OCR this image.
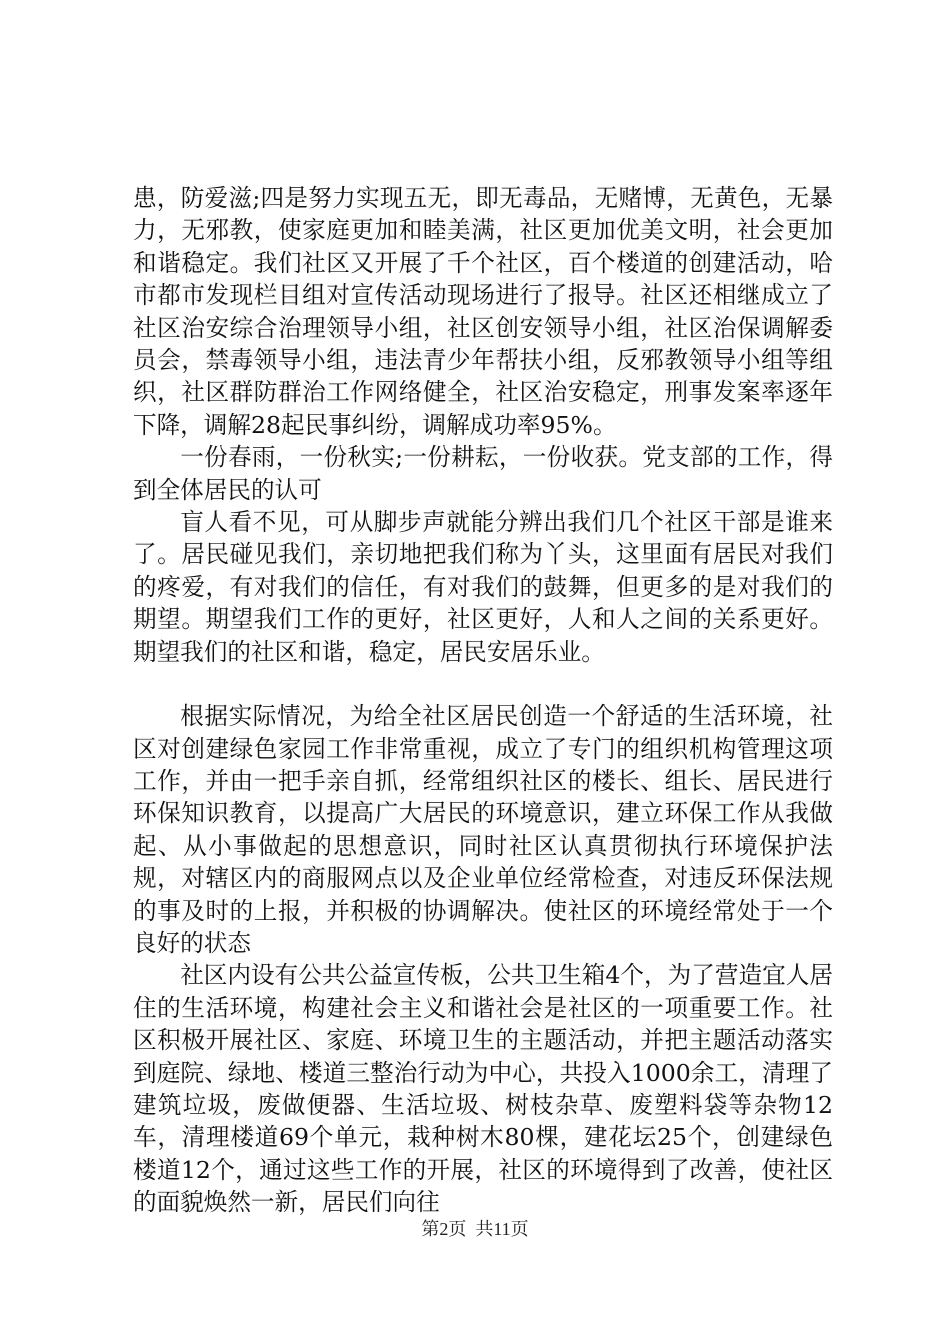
患，防爱滋;四是努力实现五无，即无毒品，无赌博，无黄色，无暴力，无邪教，使家庭更加和睦美满，社区更加优美文明，社会更加和谐稳定。我们社区又开展了千个社区，百个楼道的创建活动，哈市都市发现栏目组对宣传活动现场进行了报导。社区还相继成立了社区治安综合治理领导小组，社区创安领导小组，社区治保调解委员会，禁毒领导小组，违法青少年帮扶小组，反邪教领导小组等组织，社区群防群治工作网络健全，社区治安稳定，刑事发案率逐年下降，调解28起民事纠纷，调解成功率95%。

一份春雨，一份秋实;一份耕耘，一份收获。党支部的工作，得到全体居民的认可

盲人看不见，可从脚步声就能分辨出我们几个社区干部是谁来了。居民碰见我们，亲切地把我们称为丫头，这里面有居民对我们的疼爱，有对我们的信任，有对我们的鼓舞，但更多的是对我们的期望。期望我们工作的更好，社区更好，人和人之间的关系更好。期望我们的社区和谐，稳定，居民安居乐业。

根据实际情况，为给全社区居民创造一个舒适的生活环境，社区对创建绿色家园工作非常重视，成立了专门的组织机构管理这项工作，并由一把手亲自抓，经常组织社区的楼长、组长、居民进行环保知识教育，以提高广大居民的环境意识，建立环保工作从我做起、从小事做起的思想意识，同时社区认真贯彻执行环境保护法规，对辖区内的商服网点以及企业单位经常检查，对违反环保法规的事及时的上报，并积极的协调解决。使社区的环境经常处于一个良好的状态

社区内设有公共公益宣传板，公共卫生箱4个，为了营造宜人居住的生活环境，构建社会主义和谐社会是社区的一项重要工作。社区积极开展社区、家庭、环境卫生的主题活动，并把主题活动落实到庭院、绿地、楼道三整治行动为中心，共投入1000余工，清理了建筑垃圾，废做便器、生活垃圾、树枝杂草、废塑料袋等杂物12车，清理楼道69个单元，栽种树木80棵，建花坛25个，创建绿色楼道12个，通过这些工作的开展，社区的环境得到了改善，使社区的面貌焕然一新，居民们向往

第2页 共11页
